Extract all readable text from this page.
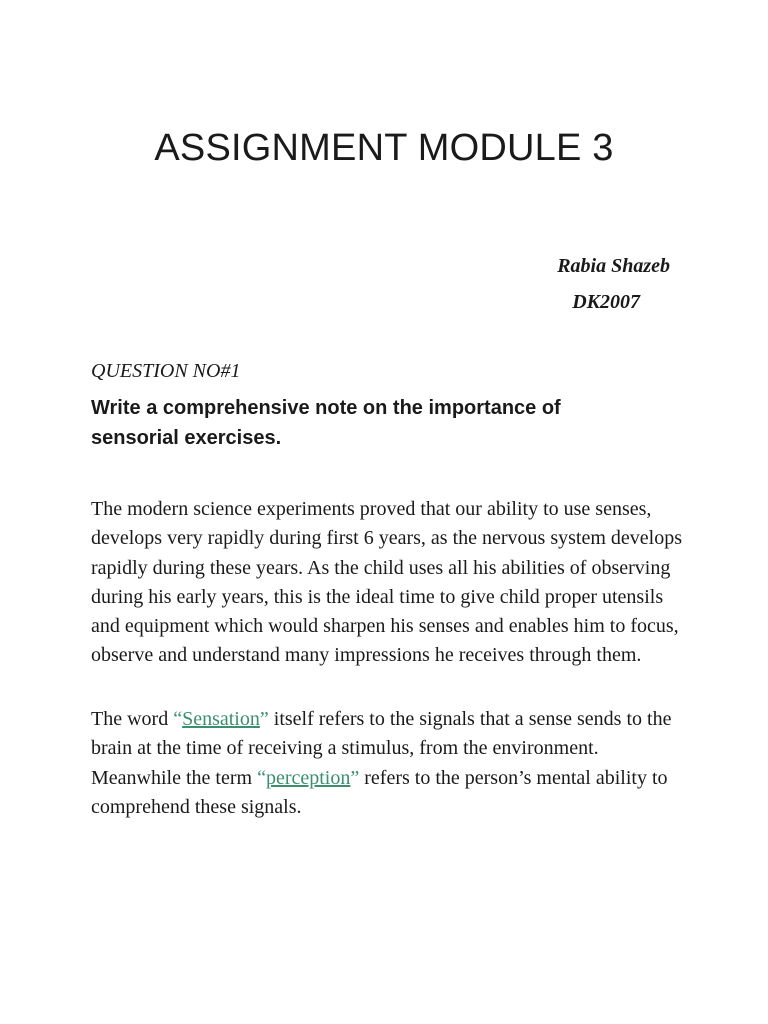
ASSIGNMENT MODULE 3
Rabia Shazeb
DK2007
QUESTION NO#1

Write a comprehensive note on the importance of sensorial exercises.

The modern science experiments proved that our ability to use senses, develops very rapidly during first 6 years, as the nervous system develops rapidly during these years. As the child uses all his abilities of observing during his early years, this is the ideal time to give child proper utensils and equipment which would sharpen his senses and enables him to focus, observe and understand many impressions he receives through them.

The word “Sensation” itself refers to the signals that a sense sends to the brain at the time of receiving a stimulus, from the environment. Meanwhile the term “perception” refers to the person’s mental ability to comprehend these signals.
